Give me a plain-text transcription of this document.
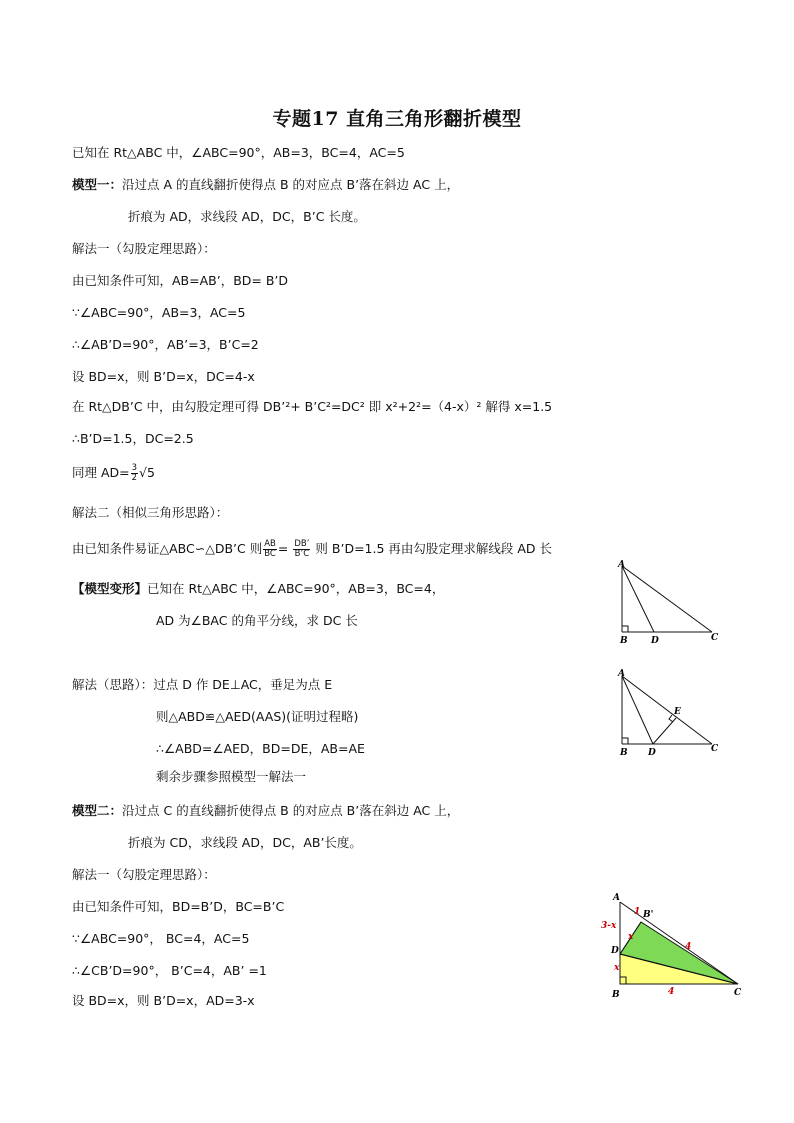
专题17 直角三角形翻折模型
已知在 Rt△ABC 中，∠ABC=90°，AB=3，BC=4，AC=5
模型一：沿过点 A 的直线翻折使得点 B 的对应点 B’落在斜边 AC 上，
折痕为 AD，求线段 AD，DC，B’C 长度。
解法一（勾股定理思路）：
由已知条件可知，AB=AB’，BD= B’D
∵∠ABC=90°，AB=3，AC=5
∴∠AB’D=90°，AB’=3，B’C=2
设 BD=x，则 B’D=x，DC=4-x
在 Rt△DB’C 中，由勾股定理可得 DB’²+ B’C²=DC² 即 x²+2²=（4-x）² 解得 x=1.5
∴B’D=1.5，DC=2.5
同理 $AD= \frac{3}{2} √5$
解法二（相似三角形思路）：
由已知条件易证△ABC∽△DB’C 则 $\frac{AB}{BC} = \frac{DB’}{B’C}$ 则 B’D=1.5 再由勾股定理求解线段 AD 长
【模型变形】已知在 Rt△ABC 中，∠ABC=90°，AB=3，BC=4，
AD 为∠BAC 的角平分线，求 DC 长
解法（思路）：过点 D 作 DE⊥AC，垂足为点 E
则△ABD≌△AED(AAS)(证明过程略)
∴∠ABD=∠AED，BD=DE，AB=AE
剩余步骤参照模型一解法一
模型二：沿过点 C 的直线翻折使得点 B 的对应点 B’落在斜边 AC 上，
折痕为 CD，求线段 AD，DC，AB’长度。
解法一（勾股定理思路）：
由已知条件可知，BD=B’D，BC=B’C
∵∠ABC=90°， BC=4，AC=5
∴∠CB’D=90°， B’C=4，AB’ =1
设 BD=x，则 B’D=x，AD=3-x
A
B	D	C
A
B D	C
E
A
B'
D
B	C
3-x
1
x
x
4
4
